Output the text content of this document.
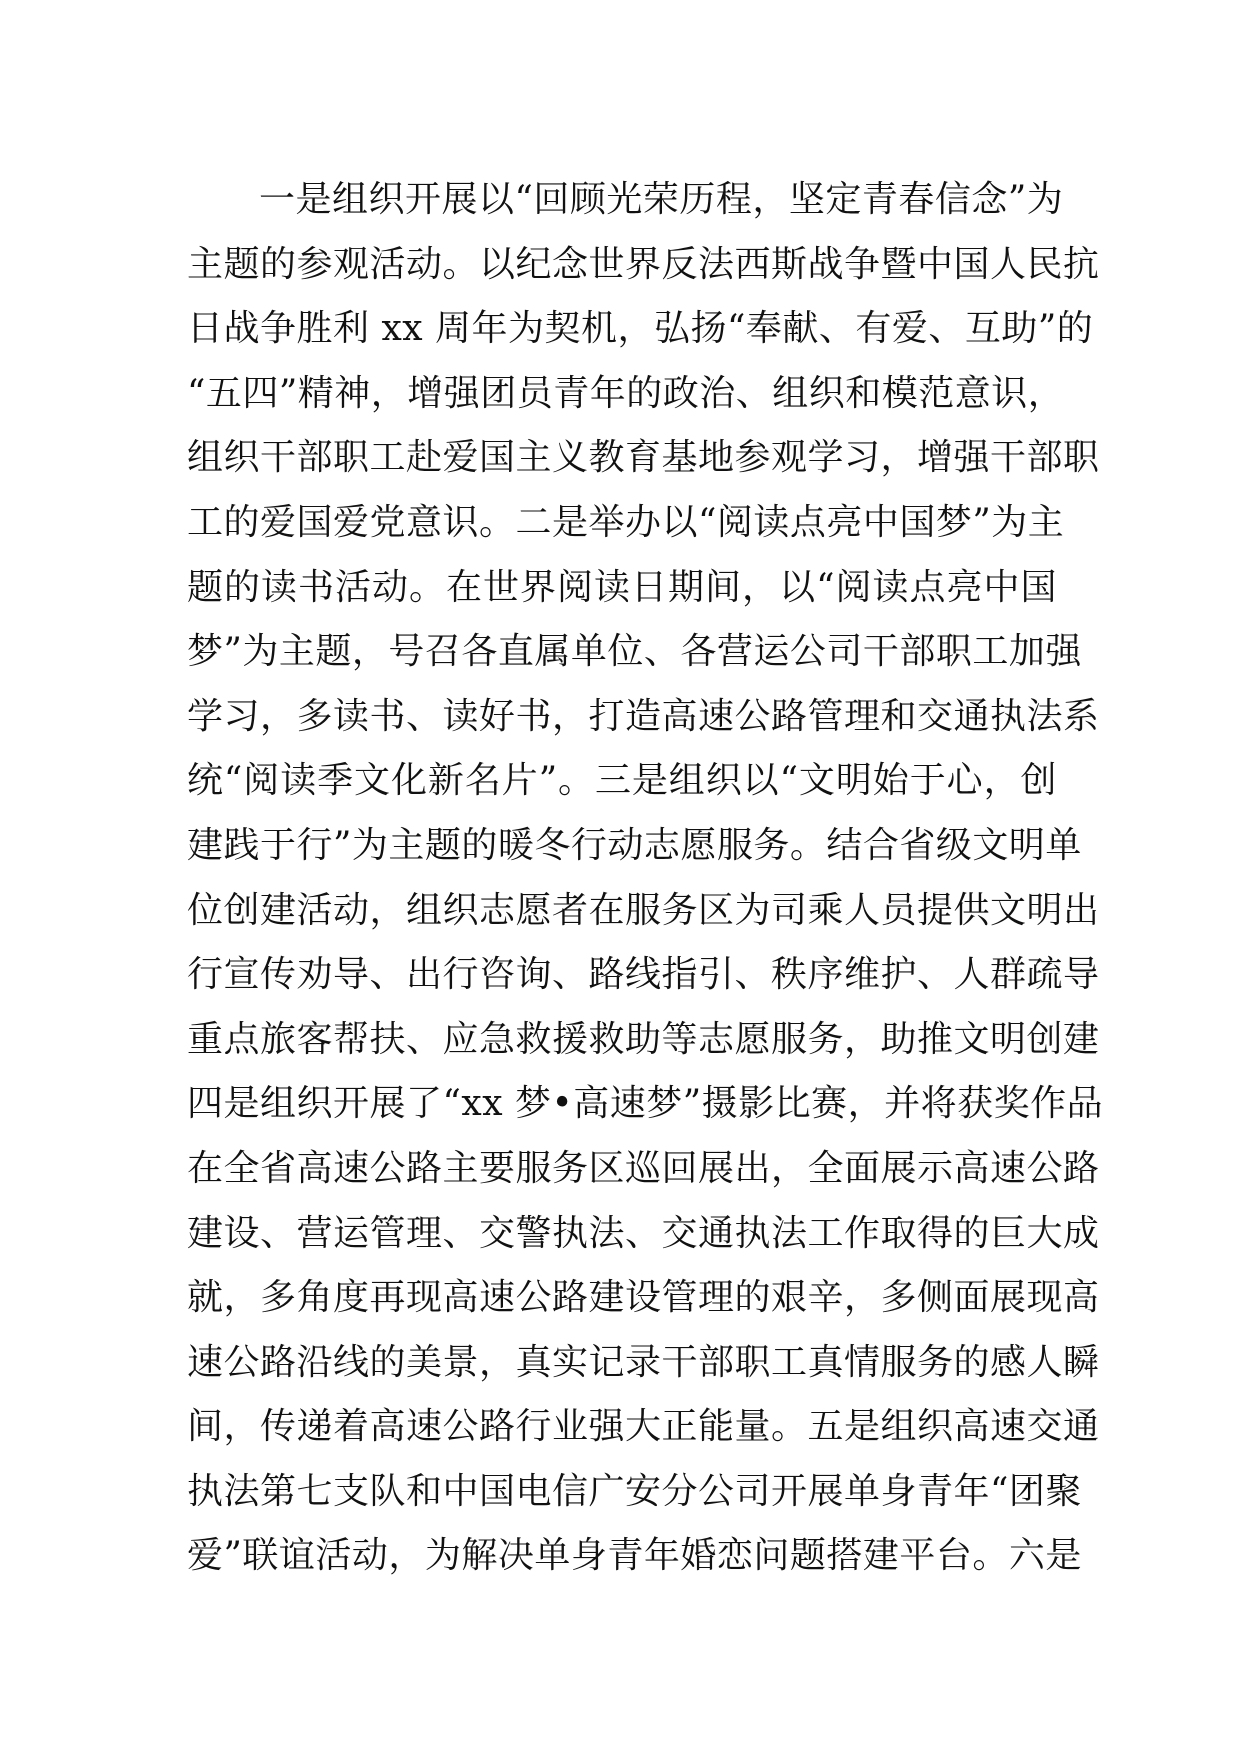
一是组织开展以“回顾光荣历程，坚定青春信念”为
主题的参观活动。以纪念世界反法西斯战争暨中国人民抗
日战争胜利 xx 周年为契机，弘扬“奉献、有爱、互助”的
“五四”精神，增强团员青年的政治、组织和模范意识，
组织干部职工赴爱国主义教育基地参观学习，增强干部职
工的爱国爱党意识。二是举办以“阅读点亮中国梦”为主
题的读书活动。在世界阅读日期间，以“阅读点亮中国
梦”为主题，号召各直属单位、各营运公司干部职工加强
学习，多读书、读好书，打造高速公路管理和交通执法系
统“阅读季文化新名片”。三是组织以“文明始于心，创
建践于行”为主题的暖冬行动志愿服务。结合省级文明单
位创建活动，组织志愿者在服务区为司乘人员提供文明出
行宣传劝导、出行咨询、路线指引、秩序维护、人群疏导
重点旅客帮扶、应急救援救助等志愿服务，助推文明创建
四是组织开展了“xx 梦•高速梦”摄影比赛，并将获奖作品
在全省高速公路主要服务区巡回展出，全面展示高速公路
建设、营运管理、交警执法、交通执法工作取得的巨大成
就，多角度再现高速公路建设管理的艰辛，多侧面展现高
速公路沿线的美景，真实记录干部职工真情服务的感人瞬
间，传递着高速公路行业强大正能量。五是组织高速交通
执法第七支队和中国电信广安分公司开展单身青年“团聚
爱”联谊活动，为解决单身青年婚恋问题搭建平台。六是
